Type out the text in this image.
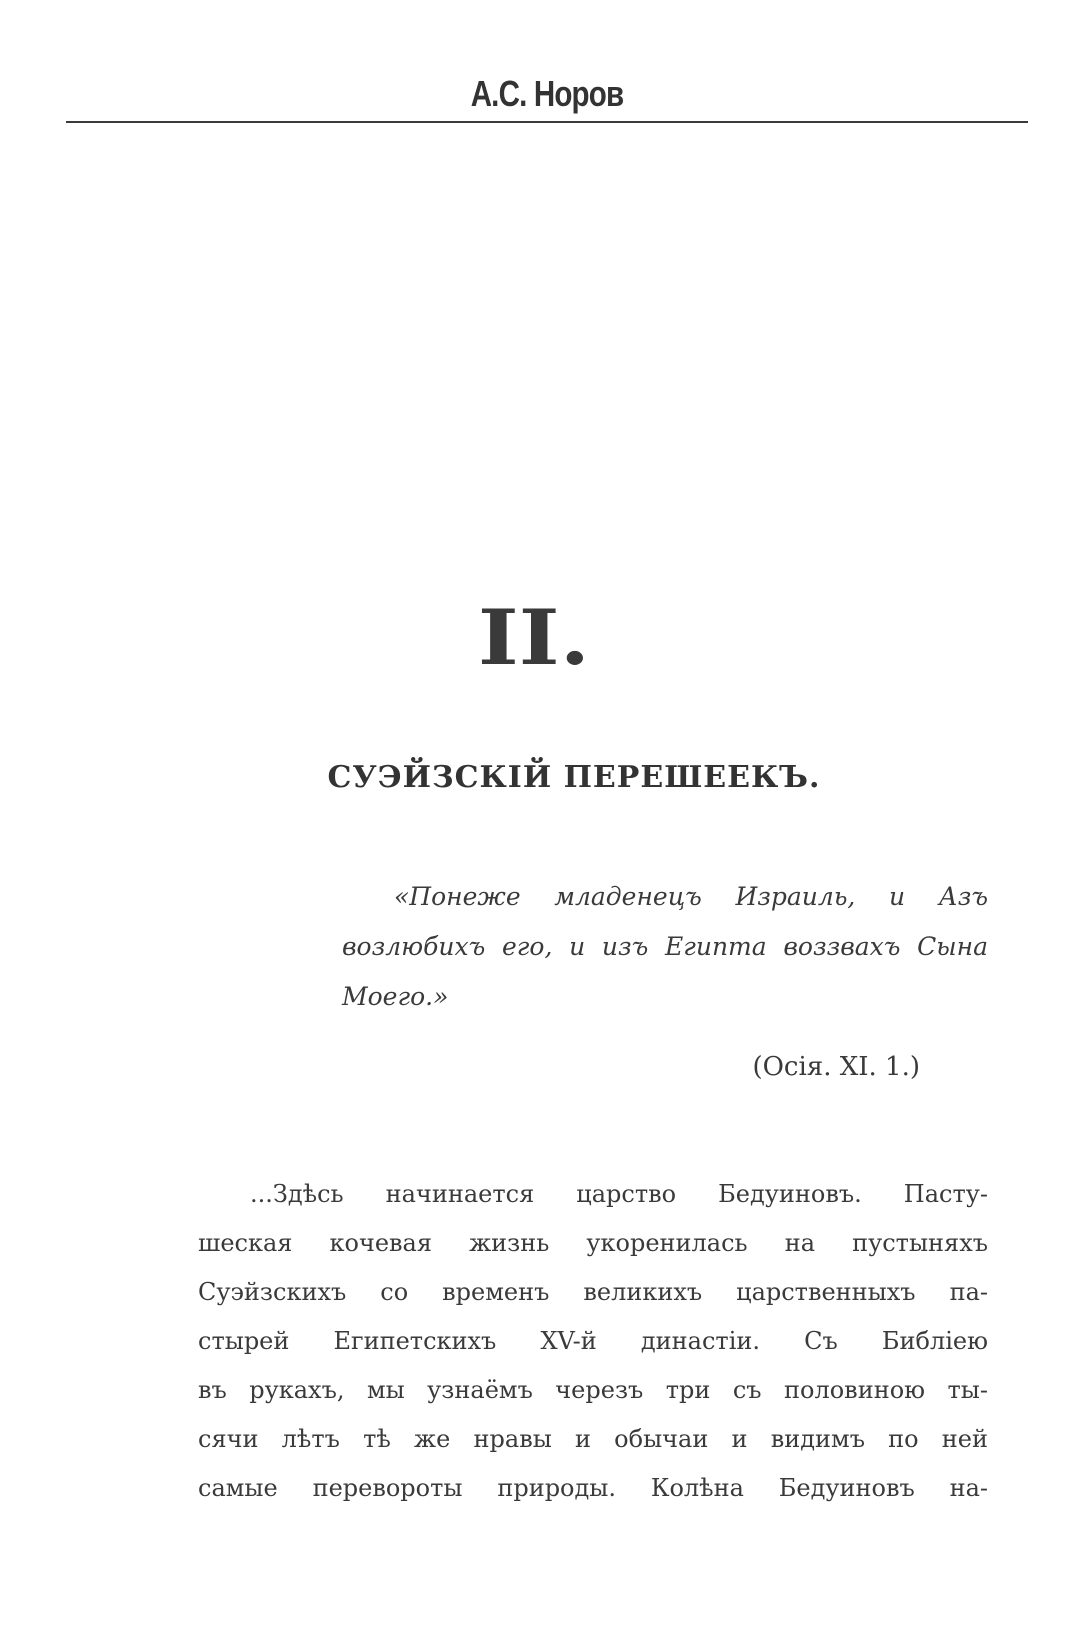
А.С. Норов
II.
СУЭЙЗСКІЙ ПЕРЕШЕЕКЪ.
«Понеже младенецъ Израиль, и Азъ возлюбихъ его, и изъ Египта воззвахъ Сына Моего.»
(Осія. XI. 1.)
...Здѣсь начинается царство Бедуиновъ. Пасту-
шеская кочевая жизнь укоренилась на пустыняхъ
Суэйзскихъ со временъ великихъ царственныхъ па-
стырей Египетскихъ XV-й династіи. Съ Библіею
въ рукахъ, мы узнаёмъ черезъ три съ половиною ты-
сячи лѣтъ тѣ же нравы и обычаи и видимъ по ней
самые перевороты природы. Колѣна Бедуиновъ на-
